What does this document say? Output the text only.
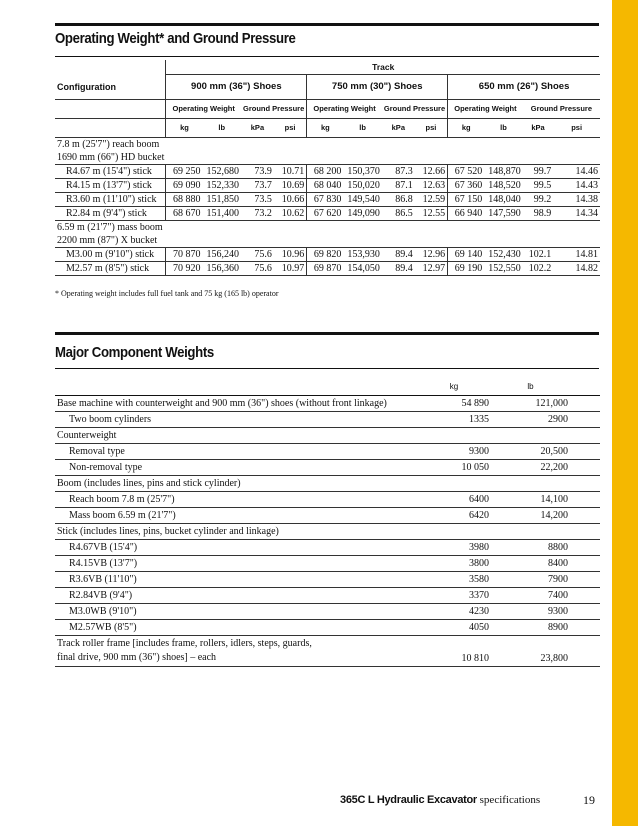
Operating Weight* and Ground Pressure
	Track											
Configuration	900 mm (36") Shoes				750 mm (30") Shoes				650 mm (26") Shoes			
	Operating Weight		Ground Pressure		Operating Weight		Ground Pressure		Operating Weight		Ground Pressure	
	kg	lb	kPa	psi	kg	lb	kPa	psi	kg	lb	kPa	psi
7.8 m (25'7") reach boom												
1690 mm (66") HD bucket												
R4.67 m (15'4") stick	69 250	152,680	73.9	10.71	68 200	150,370	87.3	12.66	67 520	148,870	99.7	14.46
R4.15 m (13'7") stick	69 090	152,330	73.7	10.69	68 040	150,020	87.1	12.63	67 360	148,520	99.5	14.43
R3.60 m (11'10") stick	68 880	151,850	73.5	10.66	67 830	149,540	86.8	12.59	67 150	148,040	99.2	14.38
R2.84 m (9'4") stick	68 670	151,400	73.2	10.62	67 620	149,090	86.5	12.55	66 940	147,590	98.9	14.34
6.59 m (21'7") mass boom												
2200 mm (87") X bucket												
M3.00 m (9'10") stick	70 870	156,240	75.6	10.96	69 820	153,930	89.4	12.96	69 140	152,430	102.1	14.81
M2.57 m (8'5") stick	70 920	156,360	75.6	10.97	69 870	154,050	89.4	12.97	69 190	152,550	102.2	14.82
* Operating weight includes full fuel tank and 75 kg (165 lb) operator
Major Component Weights
	kg	lb	
Base machine with counterweight and 900 mm (36") shoes (without front linkage)	54 890	121,000	
Two boom cylinders	1335	2900	
Counterweight			
Removal type	9300	20,500	
Non-removal type	10 050	22,200	
Boom (includes lines, pins and stick cylinder)			
Reach boom 7.8 m (25'7")	6400	14,100	
Mass boom 6.59 m (21'7")	6420	14,200	
Stick (includes lines, pins, bucket cylinder and linkage)			
R4.67VB (15'4")	3980	8800	
R4.15VB (13'7")	3800	8400	
R3.6VB (11'10")	3580	7900	
R2.84VB (9'4")	3370	7400	
M3.0WB (9'10")	4230	9300	
M2.57WB (8'5")	4050	8900	
Track roller frame [includes frame, rollers, idlers, steps, guards,
final drive, 900 mm (36") shoes] – each	10 810	23,800	
365C L Hydraulic Excavator specifications	19
